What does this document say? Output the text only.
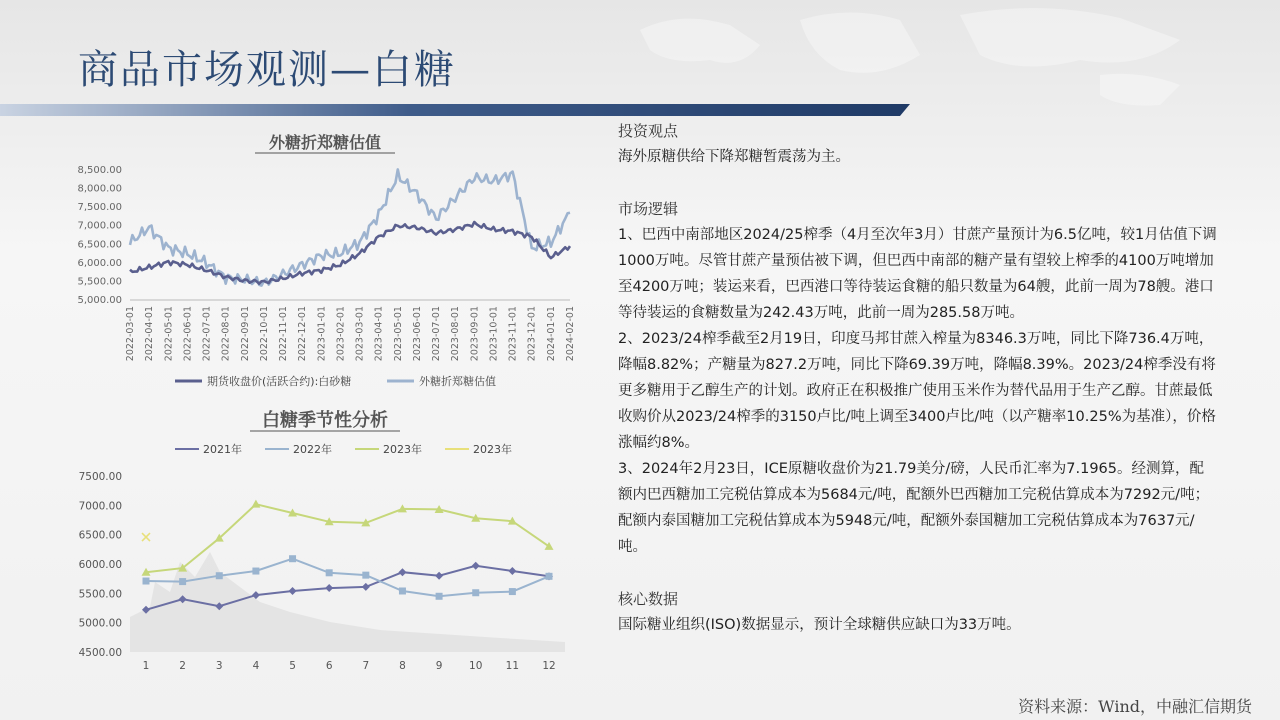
商品市场观测—白糖
外糖折郑糖估值
8,500.00
8,000.00
7,500.00
7,000.00
6,500.00
6,000.00
5,500.00
5,000.00
2022-03-01 2022-04-01 2022-05-01 2022-06-01 2022-07-01 2022-08-01 2022-09-01 2022-10-01 2022-11-01 2022-12-01 2023-01-01 2023-02-01 2023-03-01 2023-04-01 2023-05-01 2023-06-01 2023-07-01 2023-08-01 2023-09-01 2023-10-01 2023-11-01 2023-12-01 2024-01-01 2024-02-01
期货收盘价(活跃合约):白砂糖	外糖折郑糖估值
白糖季节性分析
2021年	2022年	2023年	2023年
7500.00
7000.00
6500.00
6000.00
5500.00
5000.00
4500.00
1	2	3	4	5	6	7	8	9	10 11 12
投资观点

海外原糖供给下降郑糖暂震荡为主。

市场逻辑

1、巴西中南部地区2024/25榨季（4月至次年3月）甘蔗产量预计为6.5亿吨，较1月估值下调1000万吨。尽管甘蔗产量预估被下调，但巴西中南部的糖产量有望较上榨季的4100万吨增加至4200万吨；装运来看，巴西港口等待装运食糖的船只数量为64艘，此前一周为78艘。港口等待装运的食糖数量为242.43万吨，此前一周为285.58万吨。

2、2023/24榨季截至2月19日，印度马邦甘蔗入榨量为8346.3万吨，同比下降736.4万吨，降幅8.82%；产糖量为827.2万吨，同比下降69.39万吨，降幅8.39%。2023/24榨季没有将更多糖用于乙醇生产的计划。政府正在积极推广使用玉米作为替代品用于生产乙醇。甘蔗最低收购价从2023/24榨季的3150卢比/吨上调至3400卢比/吨（以产糖率10.25%为基准），价格涨幅约8%。

3、2024年2月23日，ICE原糖收盘价为21.79美分/磅，人民币汇率为7.1965。经测算，配额内巴西糖加工完税估算成本为5684元/吨，配额外巴西糖加工完税估算成本为7292元/吨；配额内泰国糖加工完税估算成本为5948元/吨，配额外泰国糖加工完税估算成本为7637元/吨。

核心数据

国际糖业组织(ISO)数据显示，预计全球糖供应缺口为33万吨。

资料来源：Wind，中融汇信期货
